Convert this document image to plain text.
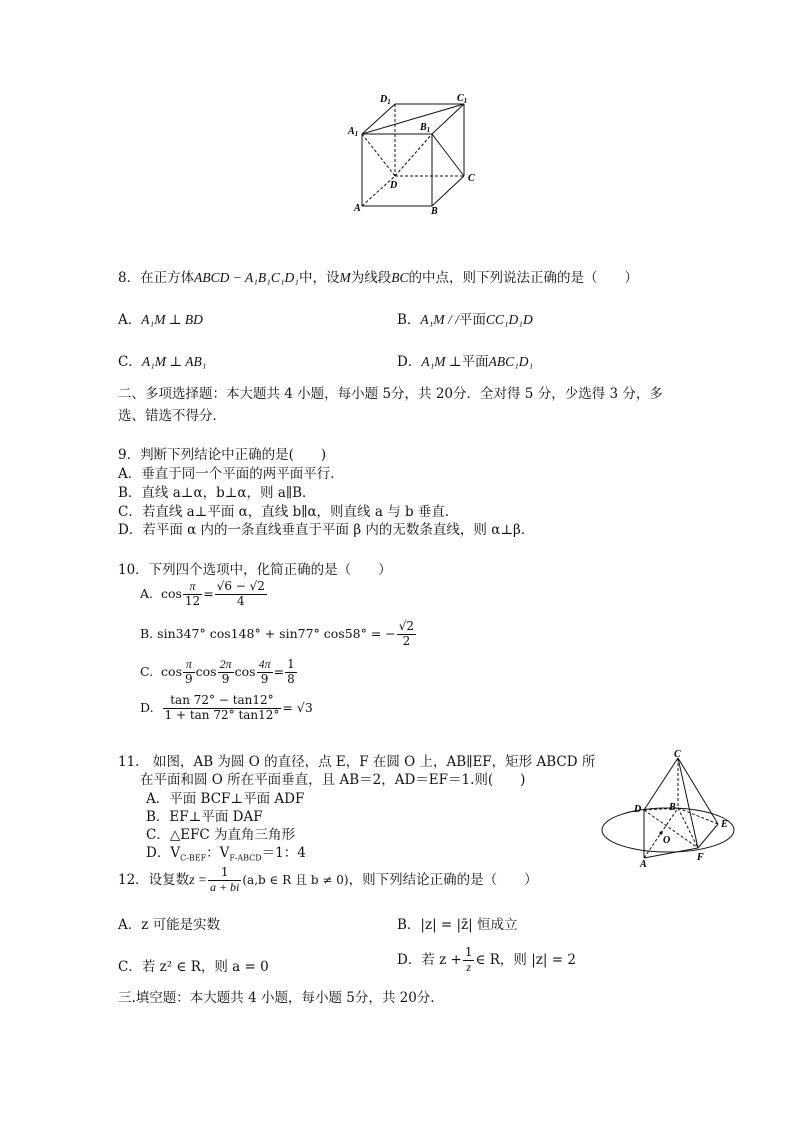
$D_1$	$C_1$
$A_1$
$B_1$
D
C
A	B
8．在正方体ABCD − A₁B₁C₁D₁中，设M为线段BC的中点，则下列说法正确的是（　　）
A．A₁M ⊥ BD	B．A₁M / /平面CC₁D₁D
C．A₁M ⊥ AB₁	D．A₁M ⊥平面ABC₁D₁
二、多项选择题：本大题共 4 小题，每小题 5分，共 20分．全对得 5 分，少选得 3 分，多
选、错选不得分．
9．判断下列结论中正确的是(　　)
A．垂直于同一个平面的两平面平行．
B．直线 a⊥α，b⊥α，则 a∥B．
C．若直线 a⊥平面 α，直线 b∥α，则直线 a 与 b 垂直．
D．若平面 α 内的一条直线垂直于平面 β 内的无数条直线，则 α⊥β．
10．下列四个选项中，化简正确的是（　　）
A. $\cos \frac{\pi}{12} = \frac{√6 - √2}{4}$
B. sin347° cos148° + sin77° cos58° = − $\frac{√2}{2}$
C. $\cos \frac{\pi}{9}$ $\cos \frac{2\pi}{9}$ $\cos \frac{4\pi}{9} = \frac{1}{8}$
D. $\frac{\tan 72^\circ - \tan 12^\circ}{1 + \tan 72^\circ \tan 12^\circ} = √3$
11.　如图，AB 为圆 O 的直径，点 E，F 在圆 O 上，AB∥EF，矩形 ABCD 所
在平面和圆 O 所在平面垂直，且 AB＝2，AD＝EF＝1.则(　　)
A．平面 BCF⊥平面 ADF
B．EF⊥平面 DAF
C．△EFC 为直角三角形
D．$V_{C-BEF}$：$V_{F-ABCD}=1$：4
C
D	B
E
O
F
A
12．设复数$z = \frac{1}{a + bi} (a,b$ ∈ R 且 b ≠ 0)，则下列结论正确的是（　　）
A．z 可能是实数	B．|z| = |z̄| 恒成立
C．若 z² ∈ R，则 a = 0	D．若 $z + \frac{1}{z}$ ∈ R，则 |z| = 2
三.填空题：本大题共 4 小题，每小题 5分，共 20分.
